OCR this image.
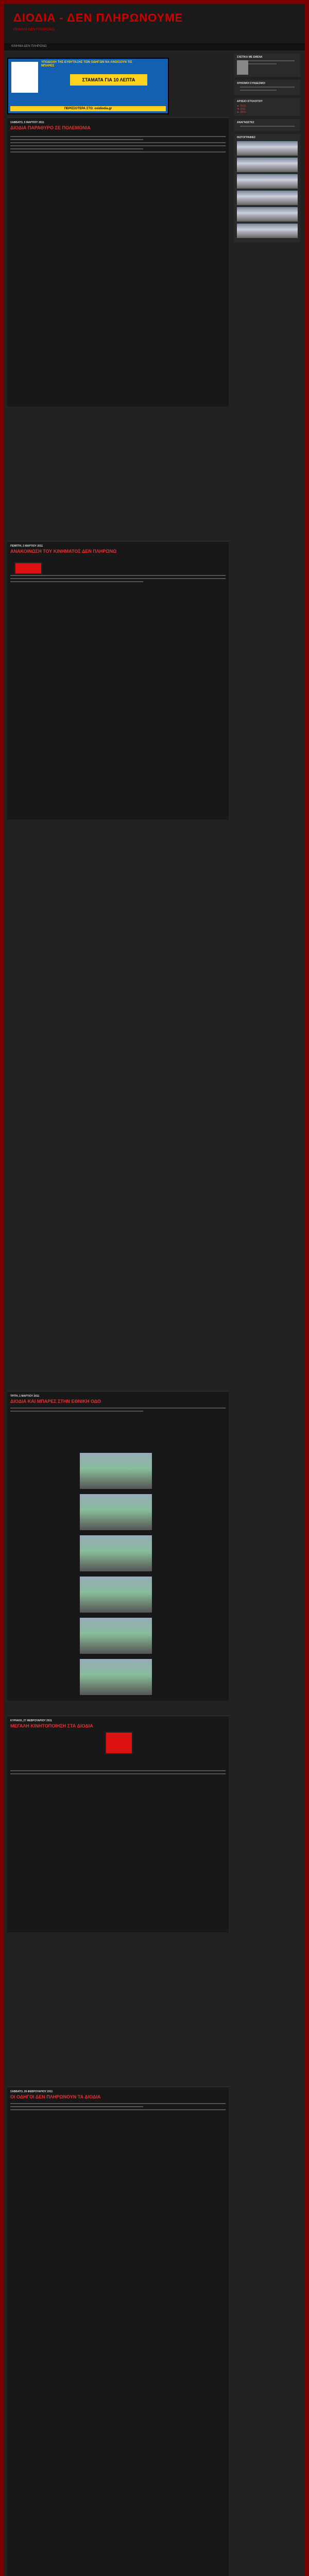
ΔΙΟΔΙΑ - ΔΕΝ ΠΛΗΡΩΝΟΥΜΕ
ΚΙΝΗΜΑ ΔΕΝ ΠΛΗΡΩΝΩ
ΚΙΝΗΜΑ ΔΕΝ ΠΛΗΡΩΝΩ
ΥΠΟΔΟΧΗ ΤΗΣ ΕΥΘΥΤΑΞΗΣ ΤΩΝ ΟΔΗΓΩΝ ΝΑ ΑΝΟΙΞΟΥΝ ΤΙΣ ΜΠΑΡΕΣ
ΣΤΑΜΑΤΑ ΓΙΑ 10 ΛΕΠΤΑ
ΠΕΡΙΣΣΟΤΕΡΑ ΣΤΟ: oxidiodia.gr
ΣΑΒΒΑΤΟ, 5 ΜΑΡΤΙΟΥ 2011
ΔΙΟΔΙΑ ΠΑΡΑΘΥΡΟ ΣΕ ΠΟΛΕΜΟΝΙΑ
ΠΕΜΠΤΗ, 3 ΜΑΡΤΙΟΥ 2011
ΑΝΑΚΟΙΝΩΣΗ ΤΟΥ ΚΙΝΗΜΑΤΟΣ ΔΕΝ ΠΛΗΡΩΝΩ
ΤΡΙΤΗ, 1 ΜΑΡΤΙΟΥ 2011
ΔΙΟΔΙΑ ΚΑΙ ΜΠΑΡΕΣ ΣΤΗΝ ΕΘΝΙΚΗ ΟΔΟ
ΚΥΡΙΑΚΗ, 27 ΦΕΒΡΟΥΑΡΙΟΥ 2011
ΜΕΓΑΛΗ ΚΙΝΗΤΟΠΟΙΗΣΗ ΣΤΑ ΔΙΟΔΙΑ
ΣΑΒΒΑΤΟ, 26 ΦΕΒΡΟΥΑΡΙΟΥ 2011
ΟΙ ΟΔΗΓΟΙ ΔΕΝ ΠΛΗΡΩΝΟΥΝ ΤΑ ΔΙΟΔΙΑ
ΣΧΕΤΙΚΑ ΜΕ ΕΜΕΝΑ
ΧΡΗΣΙΜΟΙ ΣΥΝΔΕΣΜΟΙ
ΑΡΧΕΙΟ ΙΣΤΟΛΟΓΙΟΥ
► 2012
▼ 2011
► 2010
ΑΝΑΓΝΩΣΤΕΣ
ΦΩΤΟΓΡΑΦΙΕΣ
